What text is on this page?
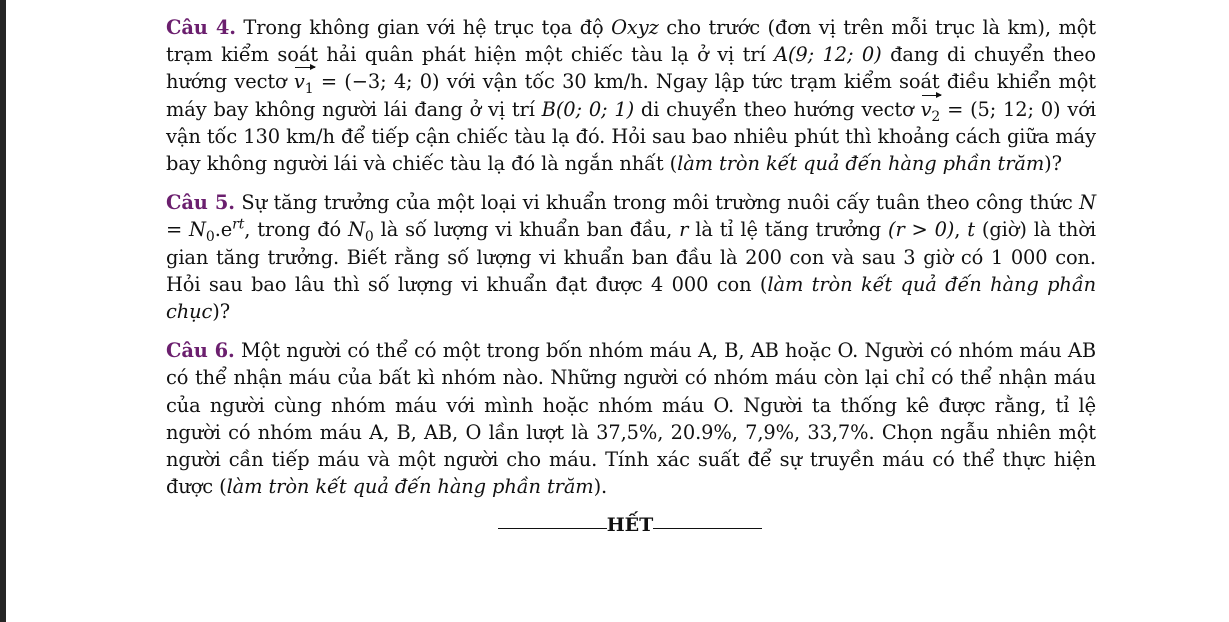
Câu 4. Trong không gian với hệ trục tọa độ Oxyz cho trước (đơn vị trên mỗi trục là km), một trạm kiểm soát hải quân phát hiện một chiếc tàu lạ ở vị trí A(9; 12; 0) đang di chuyển theo hướng vectơ $v_1 = (-3$; 4; 0) với vận tốc 30 km/h. Ngay lập tức trạm kiểm soát điều khiển một máy bay không người lái đang ở vị trí B(0; 0; 1) di chuyển theo hướng vectơ $v_2 = (5$; 12; 0) với vận tốc 130 km/h để tiếp cận chiếc tàu lạ đó. Hỏi sau bao nhiêu phút thì khoảng cách giữa máy bay không người lái và chiếc tàu lạ đó là ngắn nhất (làm tròn kết quả đến hàng phần trăm)?

Câu 5. Sự tăng trưởng của một loại vi khuẩn trong môi trường nuôi cấy tuân theo công thức $N = N_0.e^{rt}$, trong đó $N_0$ là số lượng vi khuẩn ban đầu, r là tỉ lệ tăng trưởng (r > 0), t (giờ) là thời gian tăng trưởng. Biết rằng số lượng vi khuẩn ban đầu là 200 con và sau 3 giờ có 1 000 con. Hỏi sau bao lâu thì số lượng vi khuẩn đạt được 4 000 con (làm tròn kết quả đến hàng phần chục)?

Câu 6. Một người có thể có một trong bốn nhóm máu A, B, AB hoặc O. Người có nhóm máu AB có thể nhận máu của bất kì nhóm nào. Những người có nhóm máu còn lại chỉ có thể nhận máu của người cùng nhóm máu với mình hoặc nhóm máu O. Người ta thống kê được rằng, tỉ lệ người có nhóm máu A, B, AB, O lần lượt là 37,5%, 20.9%, 7,9%, 33,7%. Chọn ngẫu nhiên một người cần tiếp máu và một người cho máu. Tính xác suất để sự truyền máu có thể thực hiện được (làm tròn kết quả đến hàng phần trăm).

HẾT
